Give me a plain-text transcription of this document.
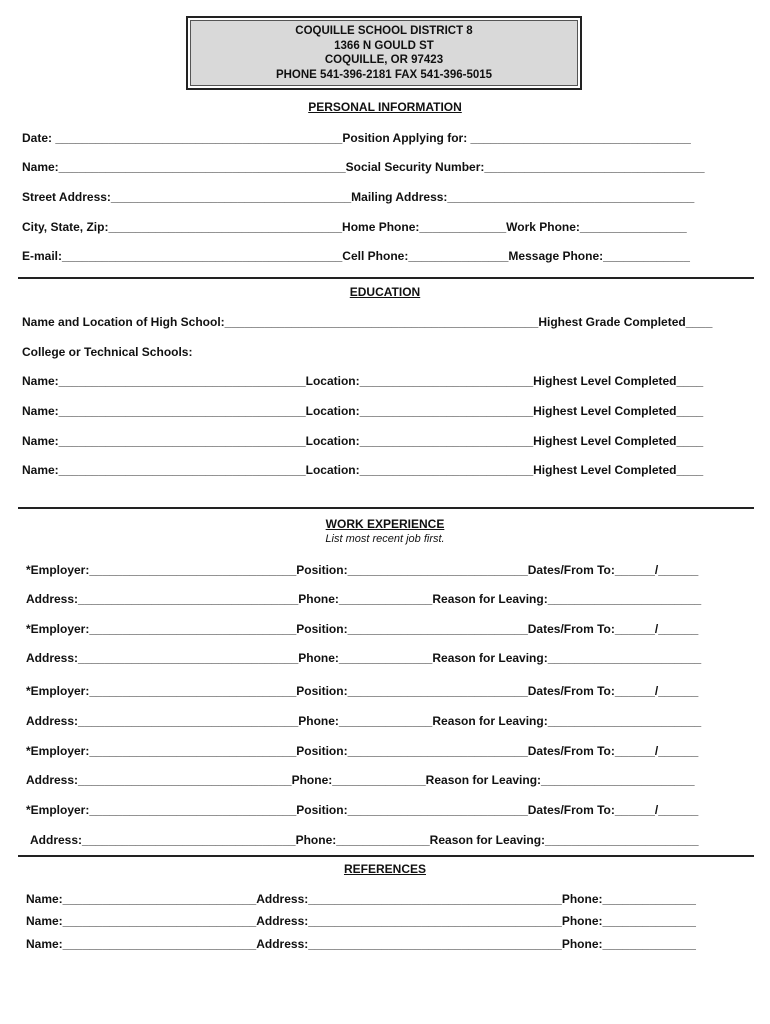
COQUILLE SCHOOL DISTRICT 8
1366 N GOULD ST
COQUILLE, OR 97423
PHONE 541-396-2181 FAX 541-396-5015
PERSONAL INFORMATION
Date: ___________________________________________Position Applying for: _________________________________
Name:___________________________________________Social Security Number:_________________________________
Street Address:____________________________________Mailing Address:_____________________________________
City, State, Zip:___________________________________Home Phone:_____________Work Phone:________________
E-mail:__________________________________________Cell Phone:_______________Message Phone:_____________
EDUCATION
Name and Location of High School:_______________________________________________Highest Grade Completed____
College or Technical Schools:
Name:_____________________________________Location:__________________________Highest Level Completed____
Name:_____________________________________Location:__________________________Highest Level Completed____
Name:_____________________________________Location:__________________________Highest Level Completed____
Name:_____________________________________Location:__________________________Highest Level Completed____
WORK EXPERIENCE
List most recent job first.
*Employer:_______________________________Position:___________________________Dates/From To:______/______
Address:_________________________________Phone:______________Reason for Leaving:_______________________
*Employer:_______________________________Position:___________________________Dates/From To:______/______
Address:_________________________________Phone:______________Reason for Leaving:_______________________
*Employer:_______________________________Position:___________________________Dates/From To:______/______
Address:_________________________________Phone:______________Reason for Leaving:_______________________
*Employer:_______________________________Position:___________________________Dates/From To:______/______
Address:________________________________Phone:______________Reason for Leaving:_______________________
*Employer:_______________________________Position:___________________________Dates/From To:______/______
Address:________________________________Phone:______________Reason for Leaving:_______________________
REFERENCES
Name:_____________________________Address:______________________________________Phone:______________
Name:_____________________________Address:______________________________________Phone:______________
Name:_____________________________Address:______________________________________Phone:______________
